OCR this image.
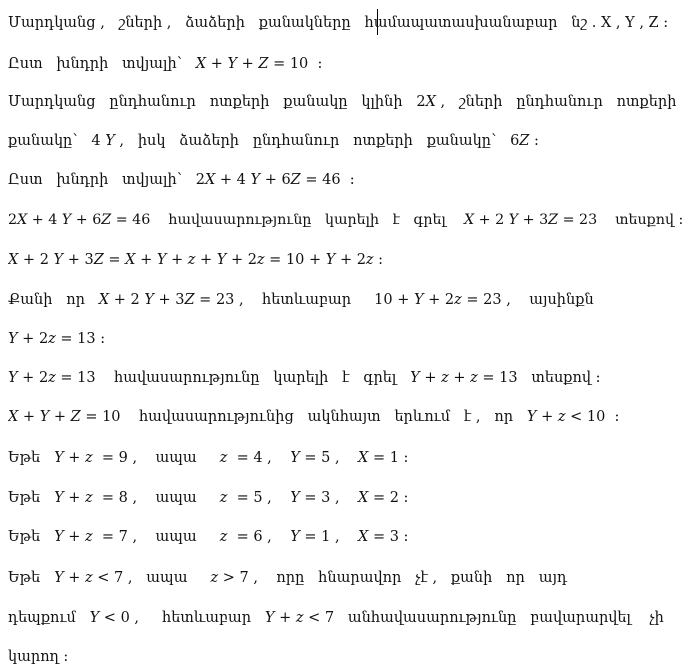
Մարդկանց ,   շների ,   ձաձերի   քանակները   համապատասխանաբար   նշ . X , Y , Z :
Ըստ   խնդրի   տվյալի՝   𝑋 + 𝑌 + 𝑍 = 10  :
Մարդկանց   ընդհանուր   ոտքերի   քանակը   կլինի   2𝑋 ,   շների   ընդհանուր   ոտքերի
քանակը՝   4 𝑌 ,   իսկ   ձաձերի   ընդհանուր   ոտքերի   քանակը՝   6𝑍 :
Ըստ   խնդրի   տվյալի՝   2𝑋 + 4 𝑌 + 6𝑍 = 46  :
2𝑋 + 4 𝑌 + 6𝑍 = 46    հավասարությունը   կարելի   է   գրել    𝑋 + 2 𝑌 + 3𝑍 = 23    տեսքով :
𝑋 + 2 𝑌 + 3𝑍 = 𝑋 + 𝑌 + 𝑧 + 𝑌 + 2𝑧 = 10 + 𝑌 + 2𝑧 :
Քանի   որ   𝑋 + 2 𝑌 + 3𝑍 = 23 ,    հետևաբար     10 + 𝑌 + 2𝑧 = 23 ,    այսինքն
𝑌 + 2𝑧 = 13 :
𝑌 + 2𝑧 = 13    հավասարությունը   կարելի   է   գրել   𝑌 + 𝑧 + 𝑧 = 13   տեսքով :
𝑋 + 𝑌 + 𝑍 = 10    հավասարությունից   ակնհայտ   երևում   է ,   որ   𝑌 + 𝑧 < 10  :
Եթե   𝑌 + 𝑧  = 9 ,    ապա     𝑧  = 4 ,    𝑌 = 5 ,    𝑋 = 1 :
Եթե   𝑌 + 𝑧  = 8 ,    ապա     𝑧  = 5 ,    𝑌 = 3 ,    𝑋 = 2 :
Եթե   𝑌 + 𝑧  = 7 ,    ապա     𝑧  = 6 ,    𝑌 = 1 ,    𝑋 = 3 :
Եթե   𝑌 + 𝑧 < 7 ,   ապա     𝑧 > 7 ,    որը   հնարավոր   չէ ,   քանի   որ   այդ
դեպքում   𝑌 < 0 ,     հետևաբար   𝑌 + 𝑧 < 7   անհավասարությունը   բավարարվել    չի
կարող :
